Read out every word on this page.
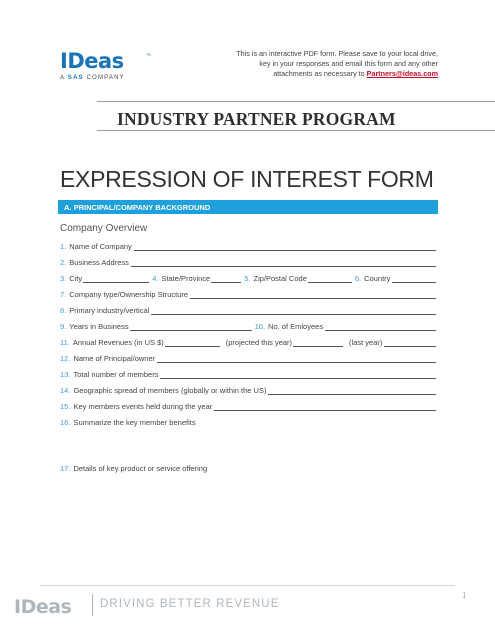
IDeas	™
A SAS COMPANY
This is an interactive PDF form. Please save to your local drive,
key in your responses and email this form and any other
attachments as necessary to Partners@ideas.com
INDUSTRY PARTNER PROGRAM
EXPRESSION OF INTEREST FORM
A. PRINCIPAL/COMPANY BACKGROUND
Company Overview
1. Name of Company
2. Business Address
3. City	4. State/Province	5. Zip/Postal Code	6. Country
7. Company type/Ownership Structure
8. Primary industry/vertical
9. Years in Business	10. No. of Emloyees
11. Annual Revenues (in US $)	(projected this year)	(last year)
12. Name of Principal/owner
13. Total number of members
14. Geographic spread of members (globally or within the US)
15. Key members events held during the year
16. Summarize the key member benefits
17. Details of key product or service offering
IDeas DRIVING BETTER REVENUE
1
